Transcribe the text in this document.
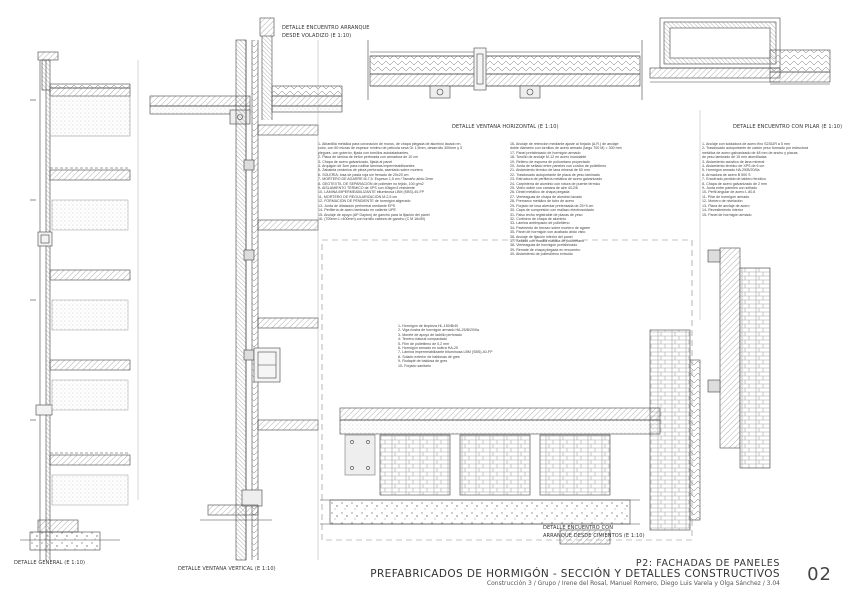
DETALLE ENCUENTRO ARRANQUE
DESDE VOLADIZO (E 1:10)
DETALLE VENTANA HORIZONTAL (E 1:10)	DETALLE ENCUENTRO CON PILAR (E 1:10)
DETALLE GENERAL (E 1:10)
DETALLE VENTANA VERTICAL (E 1:10)
DETALLE ENCUENTRO CON
ARRANQUE DESDE CIMIENTOS (E 1:10)
1- Albardilla metálica para coronación de muros, de chapa plegada de aluminio lacado en
color, con 60 micras de espesor mínimo de película seca Gr 1,5mm, desarrollo 300mm y 3
plegues, con goterón, fijada con tornillos autotaladrantes.
2- Placa de lámina de betún perforada con armadura de 10 cm
3- Chapa de acero galvanizado, fijada al panel
4- Arquigón de 3cm para rodillar láminas impermeabilizantes
5- Zabaleta cerámica de pieza perforada, asentado sobre mortero
6- SOLERÍA: losa de pasta roja sin frenado de 20x20 cm
7- MORTERO DE AGARRE M-7,5. Espesor 1,5 cm / Tamaño árido 2mm
8- GEOTEXTIL DE SEPARACIÓN de poliéster no tejido, 100 g/m2
9- AISLAMIENTO TÉRMICO de XPS con 40kg/m3 resistente
10- LÁMINA IMPERMEABILIZANTE bituminosa LBM (SBS)-40-FP
11- MORTERO DE REGULARIZACIÓN M-2,5 cm
12- FORMACIÓN DE PENDIENTE de hormigón aligerado
13- Junta de dilatación perimetral mediante EPS
14- Perfilería de acero laminado en caliente UPE
15- Anclaje de apoyo (AP Dayton) de gancho para la fijación del panel
16- (700mm L=400mm) con tornillo cabeza de gancho (C M 16x50)
16- Anclaje de retención mediante ajuste al forjado (A.R.) de anclaje
doble diámetro con tornillos de acero armado (largo 700 M) = 300 mm
17- Panel prefabricado de hormigón armado
18- Tornillo de anclaje M-12 en acero inoxidable
19- Relleno de espuma de poliuretano proyectado
20- Junta de sellado entre paneles con cordón de polietileno
21- Aislamiento térmico de lana mineral de 60 mm
22- Trasdosado autoportante de placa de yeso laminado
23- Estructura de perfilería metálica de acero galvanizado
24- Carpintería de aluminio con rotura de puente térmico
25- Vidrio doble con cámara de aire 4/12/6
26- Dintel metálico de chapa plegada
27- Vierteaguas de chapa de aluminio lacado
28- Premarco metálico de tubo de acero
29- Forjado de losa alveolar pretensada de 25+5 cm
30- Capa de compresión con mallazo electrosoldado
31- Falso techo registrable de placas de yeso
32- Cortinero de chapa de aluminio
33- Lámina antiimpacto de polietileno
34- Pavimento de terrazo sobre mortero de agarre
35- Panel de hormigón con acabado árido visto
36- Anclaje de fijación inferior del panel
37- Sellado con masilla elástica de poliuretano
38- Vierteaguas de hormigón prefabricado
39- Remate de chapa plegada en encuentro
40- Aislamiento de poliestireno extruido
1- Anclaje con soldadura de acero fino S235JR a 5 mm
2- Trasdosado autoportante de cartón yeso formado por estructura
metálica de acero galvanizado de 48 mm de ancho y placas
de yeso laminado de 15 mm atornilladas
3- Aislamiento acústico de lana mineral
4- Aislamiento térmico de XPS de 6 cm
5- Hormigón armado HA-25/B/20/IIa
6- Armadura de acero B 500 S
7- Encofrado perdido de tablero fenólico
8- Chapa de acero galvanizado de 2 mm
9- Junta entre paneles con sellado
10- Perfil angular de acero L 80.8
11- Pilar de hormigón armado
12- Mortero de nivelación
13- Placa de anclaje de acero
14- Revestimiento interior
15- Panel de hormigón armado
1- Hormigón de limpieza HL-150/B/40
2- Viga riostra de hormigón armado HA-25/B/20/IIa
3- Murete de apoyo de ladrillo perforado
4- Terreno natural compactado
5- Film de polietileno de 0,2 mm
6- Hormigón armado en solera HA-25
7- Lámina impermeabilizante bituminosa LBM (SBS)-40-FP
8- Solado exterior de baldosas de gres
9- Rodapié de baldosa de gres
10- Forjado sanitario
P2: FACHADAS DE PANELES
PREFABRICADOS DE HORMIGÓN - SECCIÓN Y DETALLES CONSTRUCTIVOS
Construcción 3 / Grupo / Irene del Rosal, Manuel Romero, Diego Luis Varela y Olga Sánchez / 3.04 02
